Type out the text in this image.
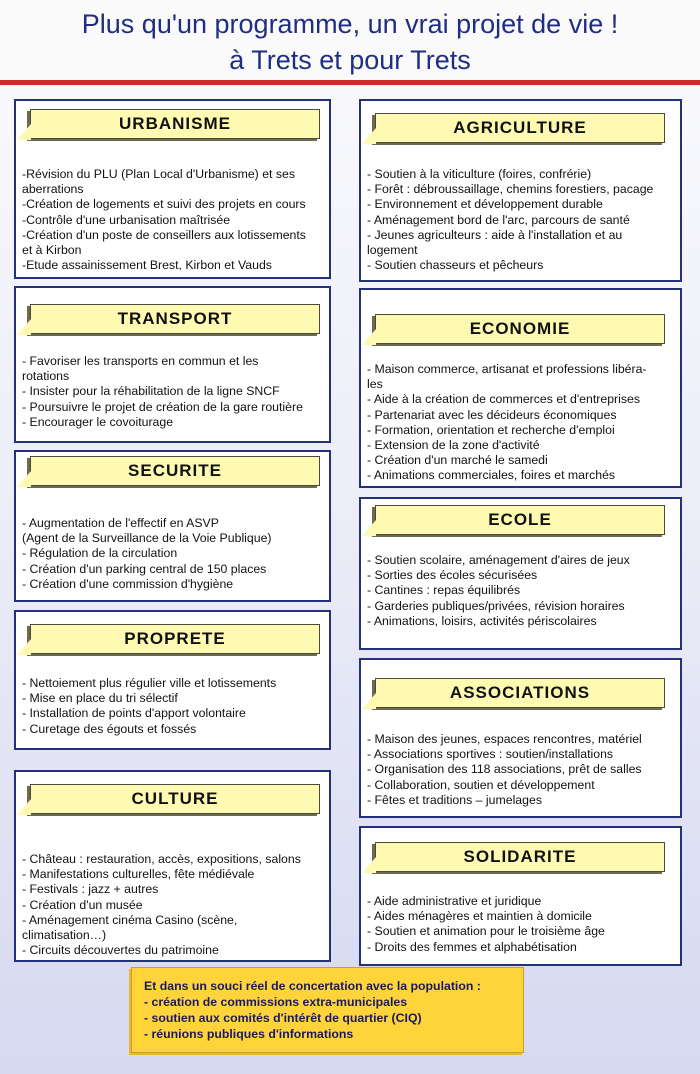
Plus qu'un programme, un vrai projet de vie !
à Trets et pour Trets
URBANISME
-Révision du PLU (Plan Local d'Urbanisme) et ses
aberrations
-Création de logements et suivi des projets en cours
-Contrôle d'une urbanisation maîtrisée
-Création d'un poste de conseillers aux lotissements
et à Kirbon
-Etude assainissement Brest, Kirbon et Vauds
TRANSPORT
- Favoriser les transports en commun et les
rotations
- Insister pour la réhabilitation de la ligne SNCF
- Poursuivre le projet de création de la gare routière
- Encourager le covoiturage
SECURITE
- Augmentation de l'effectif en ASVP
(Agent de la Surveillance de la Voie Publique)
- Régulation de la circulation
- Création d'un parking central de 150 places
- Création d'une commission d'hygiène
PROPRETE
- Nettoiement plus régulier ville et lotissements
- Mise en place du tri sélectif
- Installation de points d'apport volontaire
- Curetage des égouts et fossés
CULTURE
- Château : restauration, accès, expositions, salons
- Manifestations culturelles, fête médiévale
- Festivals : jazz + autres
- Création d'un musée
- Aménagement cinéma Casino (scène,
climatisation…)
- Circuits découvertes du patrimoine
AGRICULTURE
- Soutien à la viticulture (foires, confrérie)
- Forêt : débroussaillage, chemins forestiers, pacage
- Environnement et développement durable
- Aménagement bord de l'arc, parcours de santé
- Jeunes agriculteurs : aide à l'installation et au
logement
- Soutien chasseurs et pêcheurs
ECONOMIE
- Maison commerce, artisanat et professions libéra-
les
- Aide à la création de commerces et d'entreprises
- Partenariat avec les décideurs économiques
- Formation, orientation et recherche d'emploi
- Extension de la zone d'activité
- Création d'un marché le samedi
- Animations commerciales, foires et marchés
ECOLE
- Soutien scolaire, aménagement d'aires de jeux
- Sorties des écoles sécurisées
- Cantines : repas équilibrés
- Garderies publiques/privées, révision horaires
- Animations, loisirs, activités périscolaires
ASSOCIATIONS
- Maison des jeunes, espaces rencontres, matériel
- Associations sportives : soutien/installations
- Organisation des 118 associations, prêt de salles
- Collaboration, soutien et développement
- Fêtes et traditions – jumelages
SOLIDARITE
- Aide administrative et juridique
- Aides ménagères et maintien à domicile
- Soutien et animation pour le troisième âge
- Droits des femmes et alphabétisation
Et dans un souci réel de concertation avec la population :
- création de commissions extra-municipales
- soutien aux comités d'intérêt de quartier (CIQ)
- réunions publiques d'informations
